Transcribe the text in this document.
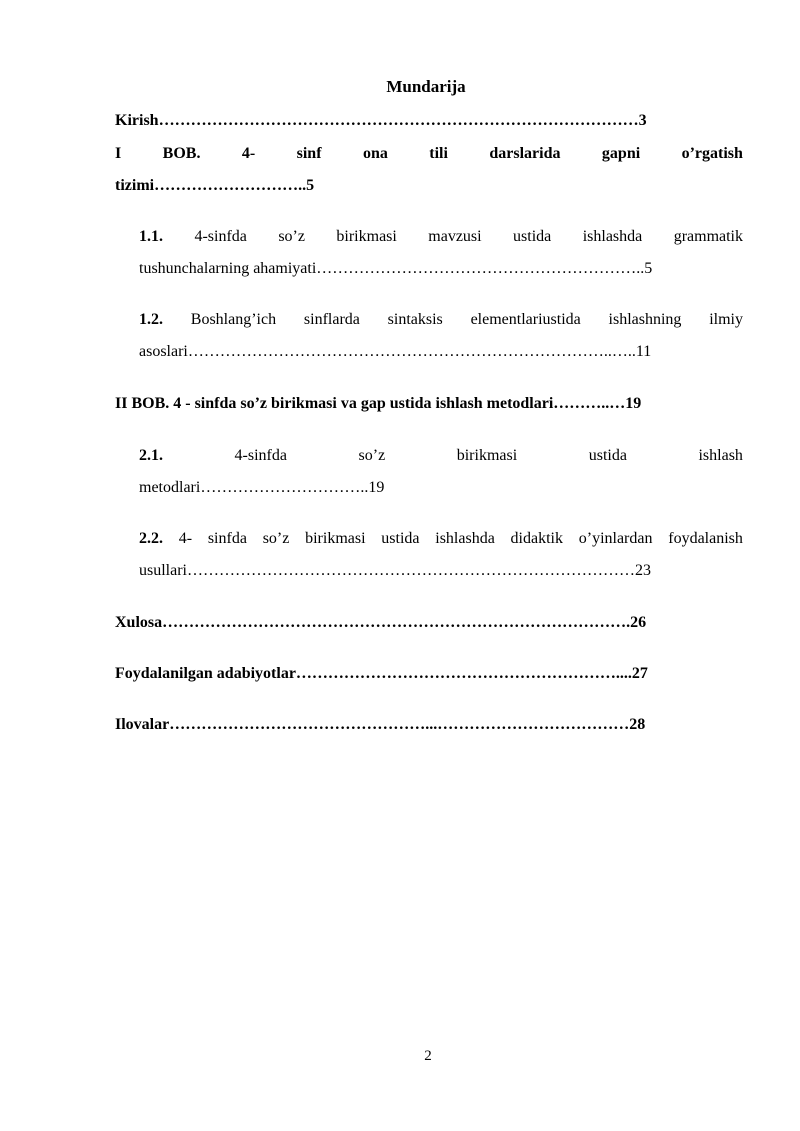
Mundarija
Kirish………………………………………………………………………………3
I	BOB.	4-	sinf	ona	tili	darslarida	gapni	o’rgatish
tizimi………………………..5
1.1. 4-sinfda so’z birikmasi mavzusi ustida ishlashda grammatik
tushunchalarning ahamiyati……………………………………………………..5
1.2. Boshlang’ich sinflarda sintaksis elementlariustida ishlashning ilmiy
asoslari……………………………………………………………………..…..11
II BOB. 4 - sinfda so’z birikmasi va gap ustida ishlash metodlari………..…19
2.1.	4-sinfda	so’z	birikmasi	ustida	ishlash
metodlari…………………………..19
2.2. 4- sinfda so’z birikmasi ustida ishlashda didaktik o’yinlardan foydalanish
usullari…………………………………………………………………………23
Xulosa…………………………………………………………………………….26
Foydalanilgan adabiyotlar……………………………………………………....27
Ilovalar…………………………………………...………………………………28
2
